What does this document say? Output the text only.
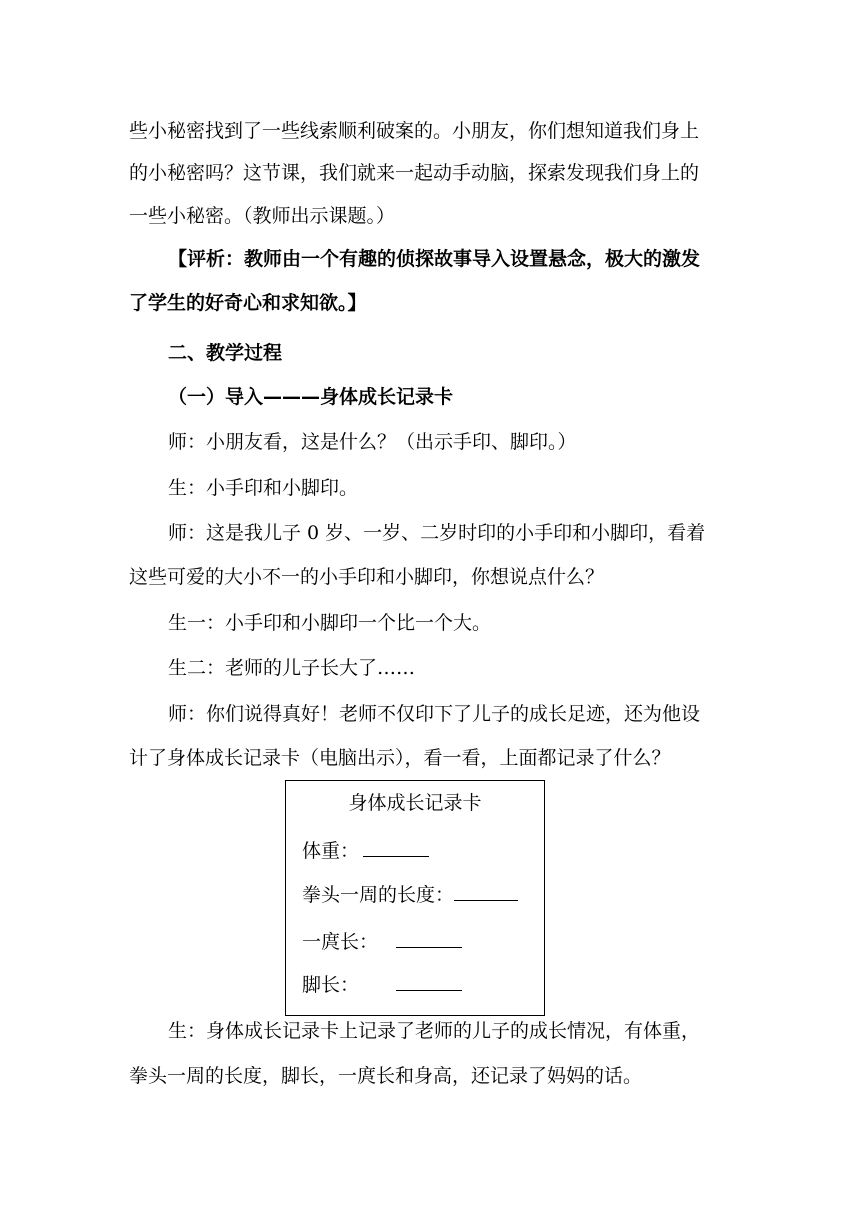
些小秘密找到了一些线索顺利破案的。小朋友，你们想知道我们身上
的小秘密吗？这节课，我们就来一起动手动脑，探索发现我们身上的
一些小秘密。（教师出示课题。）
【评析：教师由一个有趣的侦探故事导入设置悬念，极大的激发
了学生的好奇心和求知欲。】
二、教学过程
（一）导入———身体成长记录卡
师：小朋友看，这是什么？（出示手印、脚印。）
生：小手印和小脚印。
师：这是我儿子 0 岁、一岁、二岁时印的小手印和小脚印，看着
这些可爱的大小不一的小手印和小脚印，你想说点什么？
生一：小手印和小脚印一个比一个大。
生二：老师的儿子长大了……
师：你们说得真好！老师不仅印下了儿子的成长足迹，还为他设
计了身体成长记录卡（电脑出示），看一看，上面都记录了什么？
身体成长记录卡
体重：
拳头一周的长度：
一庹长：
脚长：
生：身体成长记录卡上记录了老师的儿子的成长情况，有体重，
拳头一周的长度，脚长，一庹长和身高，还记录了妈妈的话。
